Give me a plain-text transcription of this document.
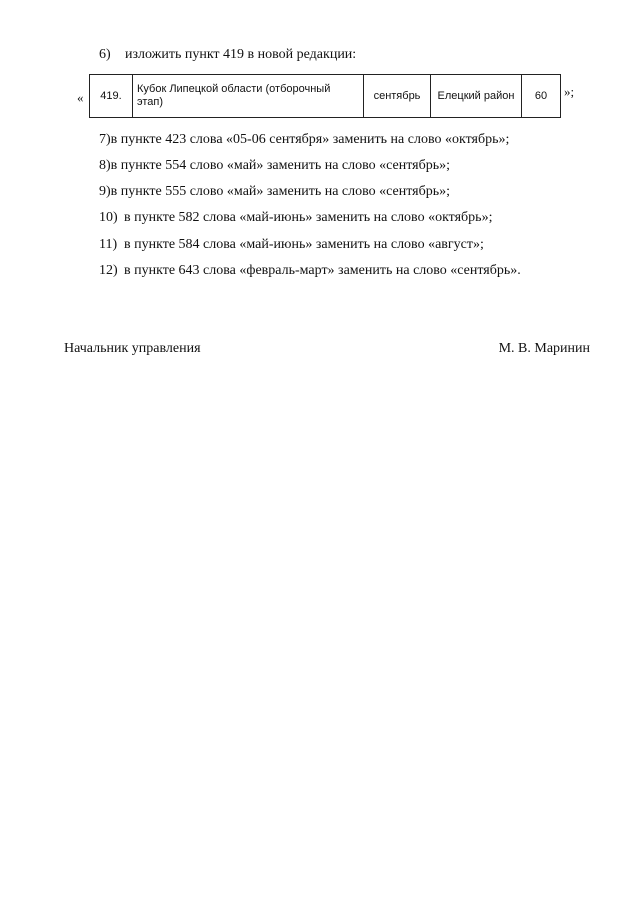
6) изложить пункт 419 в новой редакции:
« 419.	Кубок Липецкой области (отборочный этап)	сентябрь	Елецкий район	60 »;
7)в пункте 423 слова «05-06 сентября» заменить на слово «октябрь»;
8)в пункте 554 слово «май» заменить на слово «сентябрь»;
9)в пункте 555 слово «май» заменить на слово «сентябрь»;
10) в пункте 582 слова «май-июнь» заменить на слово «октябрь»;
11) в пункте 584 слова «май-июнь» заменить на слово «август»;
12) в пункте 643 слова «февраль-март» заменить на слово «сентябрь».
Начальник управления	М. В. Маринин
